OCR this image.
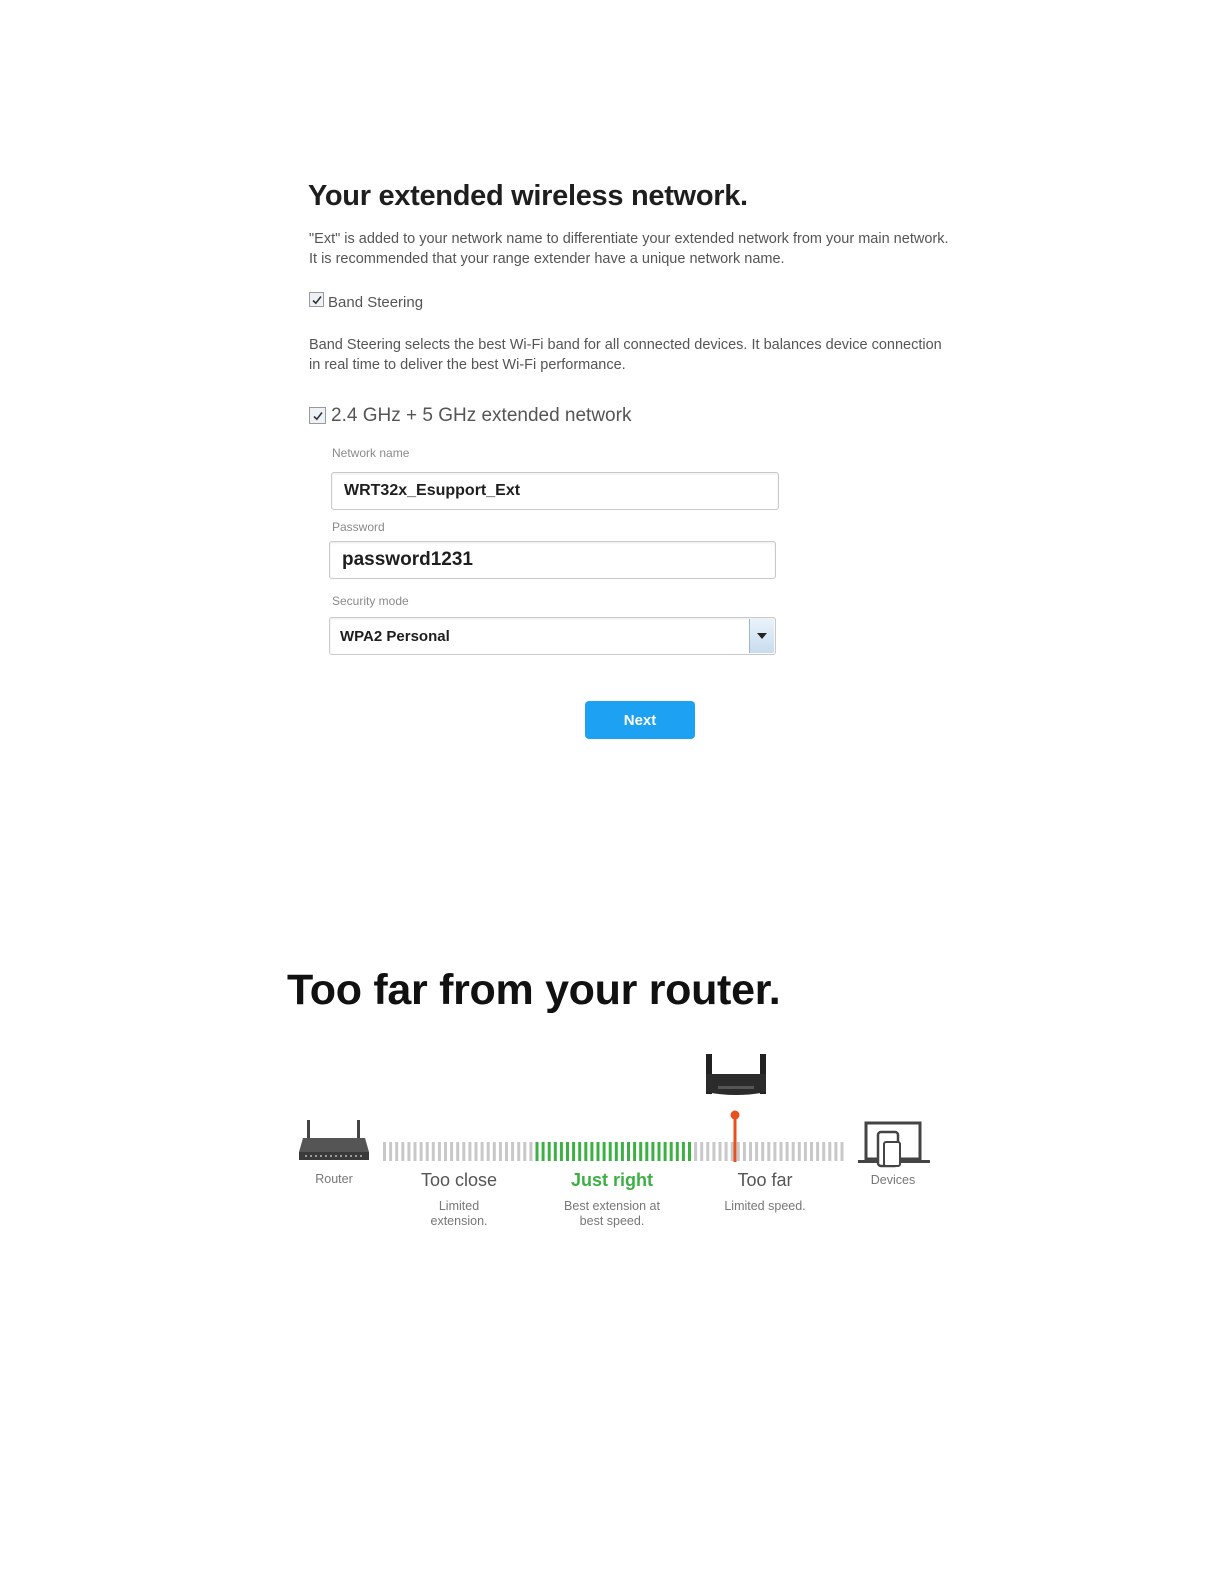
Your extended wireless network.
"Ext" is added to your network name to differentiate your extended network from your main network. It is recommended that your range extender have a unique network name.
Band Steering
Band Steering selects the best Wi-Fi band for all connected devices. It balances device connection in real time to deliver the best Wi-Fi performance.
2.4 GHz + 5 GHz extended network
Network name
WRT32x_Esupport_Ext
Password
password1231
Security mode
WPA2 Personal
Next
Too far from your router.
Router	Devices
Too close
Limited
extension.
Just right
Best extension at
best speed.
Too far
Limited speed.
